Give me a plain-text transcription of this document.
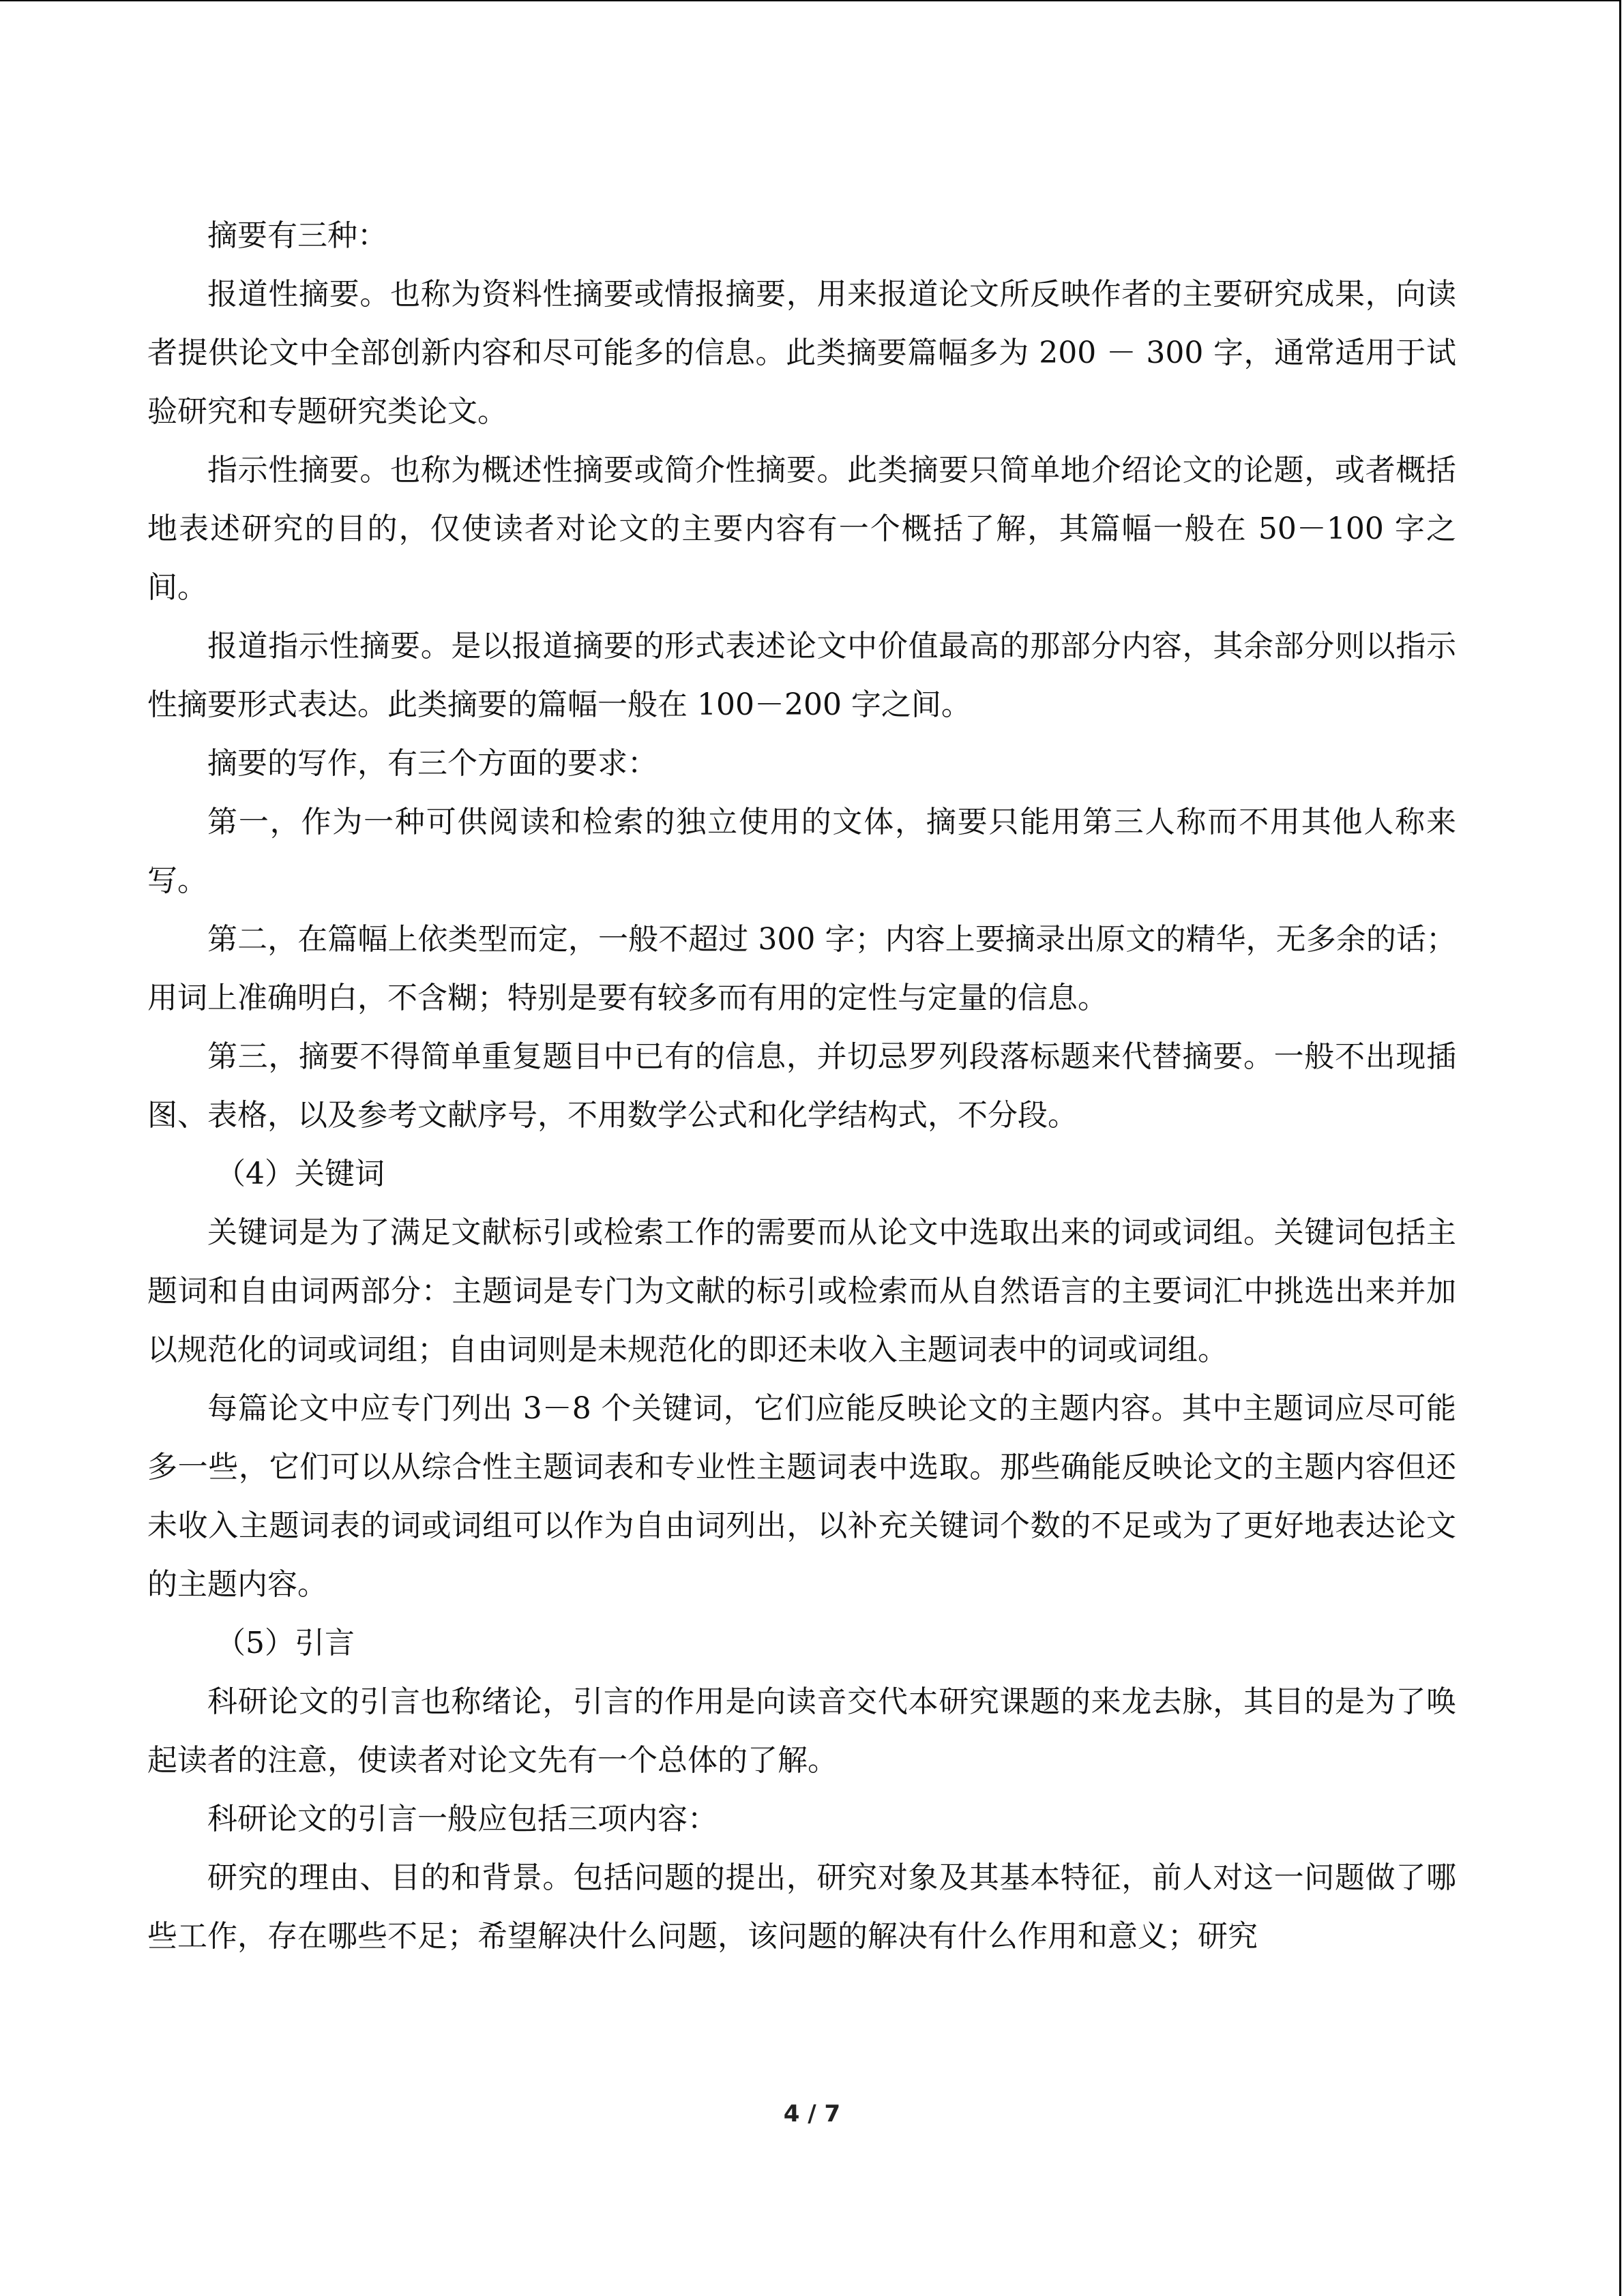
摘要有三种：

报道性摘要。也称为资料性摘要或情报摘要，用来报道论文所反映作者的主要研究成果，向读者提供论文中全部创新内容和尽可能多的信息。此类摘要篇幅多为 200 － 300 字，通常适用于试验研究和专题研究类论文。

指示性摘要。也称为概述性摘要或简介性摘要。此类摘要只简单地介绍论文的论题，或者概括地表述研究的目的，仅使读者对论文的主要内容有一个概括了解，其篇幅一般在 50－100 字之间。

报道指示性摘要。是以报道摘要的形式表述论文中价值最高的那部分内容，其余部分则以指示性摘要形式表达。此类摘要的篇幅一般在 100－200 字之间。

摘要的写作，有三个方面的要求：

第一，作为一种可供阅读和检索的独立使用的文体，摘要只能用第三人称而不用其他人称来写。

第二，在篇幅上依类型而定，一般不超过 300 字；内容上要摘录出原文的精华，无多余的话；用词上准确明白，不含糊；特别是要有较多而有用的定性与定量的信息。

第三，摘要不得简单重复题目中已有的信息，并切忌罗列段落标题来代替摘要。一般不出现插图、表格，以及参考文献序号，不用数学公式和化学结构式，不分段。

（4）关键词

关键词是为了满足文献标引或检索工作的需要而从论文中选取出来的词或词组。关键词包括主题词和自由词两部分：主题词是专门为文献的标引或检索而从自然语言的主要词汇中挑选出来并加以规范化的词或词组；自由词则是未规范化的即还未收入主题词表中的词或词组。

每篇论文中应专门列出 3－8 个关键词，它们应能反映论文的主题内容。其中主题词应尽可能多一些，它们可以从综合性主题词表和专业性主题词表中选取。那些确能反映论文的主题内容但还未收入主题词表的词或词组可以作为自由词列出，以补充关键词个数的不足或为了更好地表达论文的主题内容。

（5）引言

科研论文的引言也称绪论，引言的作用是向读音交代本研究课题的来龙去脉，其目的是为了唤起读者的注意，使读者对论文先有一个总体的了解。

科研论文的引言一般应包括三项内容：

研究的理由、目的和背景。包括问题的提出，研究对象及其基本特征，前人对这一问题做了哪些工作，存在哪些不足；希望解决什么问题，该问题的解决有什么作用和意义；研究

4 / 7
